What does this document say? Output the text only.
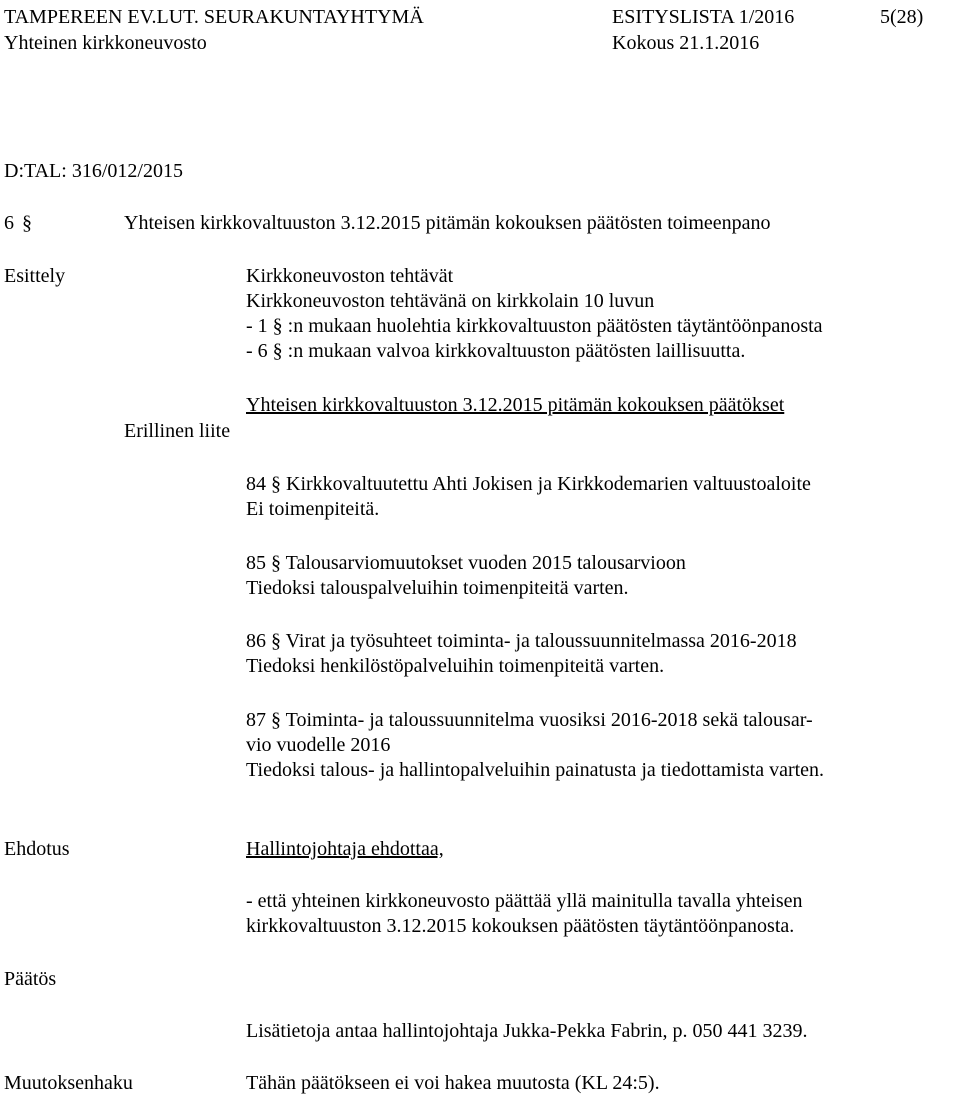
TAMPEREEN EV.LUT. SEURAKUNTAYHTYMÄ	ESITYSLISTA 1/2016	5(28)
Yhteinen kirkkoneuvosto	Kokous 21.1.2016
D:TAL: 316/012/2015
6 §	Yhteisen kirkkovaltuuston 3.12.2015 pitämän kokouksen päätösten toimeenpano
Esittely	Kirkkoneuvoston tehtävät
Kirkkoneuvoston tehtävänä on kirkkolain 10 luvun
- 1 § :n mukaan huolehtia kirkkovaltuuston päätösten täytäntöönpanosta
- 6 § :n mukaan valvoa kirkkovaltuuston päätösten laillisuutta.
Yhteisen kirkkovaltuuston 3.12.2015 pitämän kokouksen päätökset
Erillinen liite
84 § Kirkkovaltuutettu Ahti Jokisen ja Kirkkodemarien valtuustoaloite
Ei toimenpiteitä.
85 § Talousarviomuutokset vuoden 2015 talousarvioon
Tiedoksi talouspalveluihin toimenpiteitä varten.
86 § Virat ja työsuhteet toiminta- ja taloussuunnitelmassa 2016-2018
Tiedoksi henkilöstöpalveluihin toimenpiteitä varten.
87 § Toiminta- ja taloussuunnitelma vuosiksi 2016-2018 sekä talousar-
vio vuodelle 2016
Tiedoksi talous- ja hallintopalveluihin painatusta ja tiedottamista varten.
Ehdotus	Hallintojohtaja ehdottaa,
- että yhteinen kirkkoneuvosto päättää yllä mainitulla tavalla yhteisen
kirkkovaltuuston 3.12.2015 kokouksen päätösten täytäntöönpanosta.
Päätös
Lisätietoja antaa hallintojohtaja Jukka-Pekka Fabrin, p. 050 441 3239.
Muutoksenhaku	Tähän päätökseen ei voi hakea muutosta (KL 24:5).
